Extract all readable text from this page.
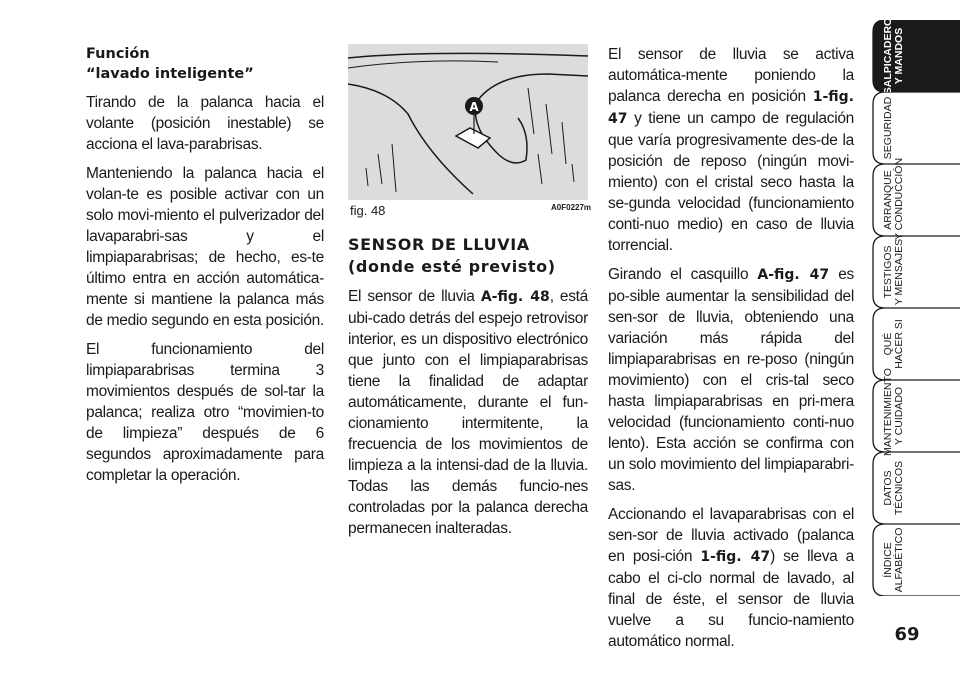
Función
“lavado inteligente”

Tirando de la palanca hacia el volante (posición inestable) se acciona el lava-parabrisas.

Manteniendo la palanca hacia el volan-te es posible activar con un solo movi-miento el pulverizador del lavaparabri-sas y el limpiaparabrisas; de hecho, es-te último entra en acción automática-mente si mantiene la palanca más de medio segundo en esta posición.

El funcionamiento del limpiaparabrisas termina 3 movimientos después de sol-tar la palanca; realiza otro “movimien-to de limpieza” después de 6 segundos aproximadamente para completar la operación.

A
fig. 48	A0F0227m
SENSOR DE LLUVIA
(donde esté previsto)

El sensor de lluvia A-fig. 48, está ubi-cado detrás del espejo retrovisor interior, es un dispositivo electrónico que junto con el limpiaparabrisas tiene la finalidad de adaptar automáticamente, durante el fun-cionamiento intermitente, la frecuencia de los movimientos de limpieza a la intensi-dad de la lluvia. Todas las demás funcio-nes controladas por la palanca derecha permanecen inalteradas.

El sensor de lluvia se activa automática-mente poniendo la palanca derecha en posición 1-fig. 47 y tiene un campo de regulación que varía progresivamente des-de la posición de reposo (ningún movi-miento) con el cristal seco hasta la se-gunda velocidad (funcionamiento conti-nuo medio) en caso de lluvia torrencial.

Girando el casquillo A-fig. 47 es po-sible aumentar la sensibilidad del sen-sor de lluvia, obteniendo una variación más rápida del limpiaparabrisas en re-poso (ningún movimiento) con el cris-tal seco hasta limpiaparabrisas en pri-mera velocidad (funcionamiento conti-nuo lento). Esta acción se confirma con un solo movimiento del limpiaparabri-sas.

Accionando el lavaparabrisas con el sen-sor de lluvia activado (palanca en posi-ción 1-fig. 47) se lleva a cabo el ci-clo normal de lavado, al final de éste, el sensor de lluvia vuelve a su funcio-namiento automático normal.

SALPICADERO
Y MANDOS
SEGURIDAD
ARRANQUE
Y CONDUCCIÓN
TESTIGOS
Y MENSAJES
QUÉ
HACER SI
MANTENIMIENTO
Y CUIDADO
DATOS
TÉCNICOS
ÍNDICE
ALFABÉTICO
69
